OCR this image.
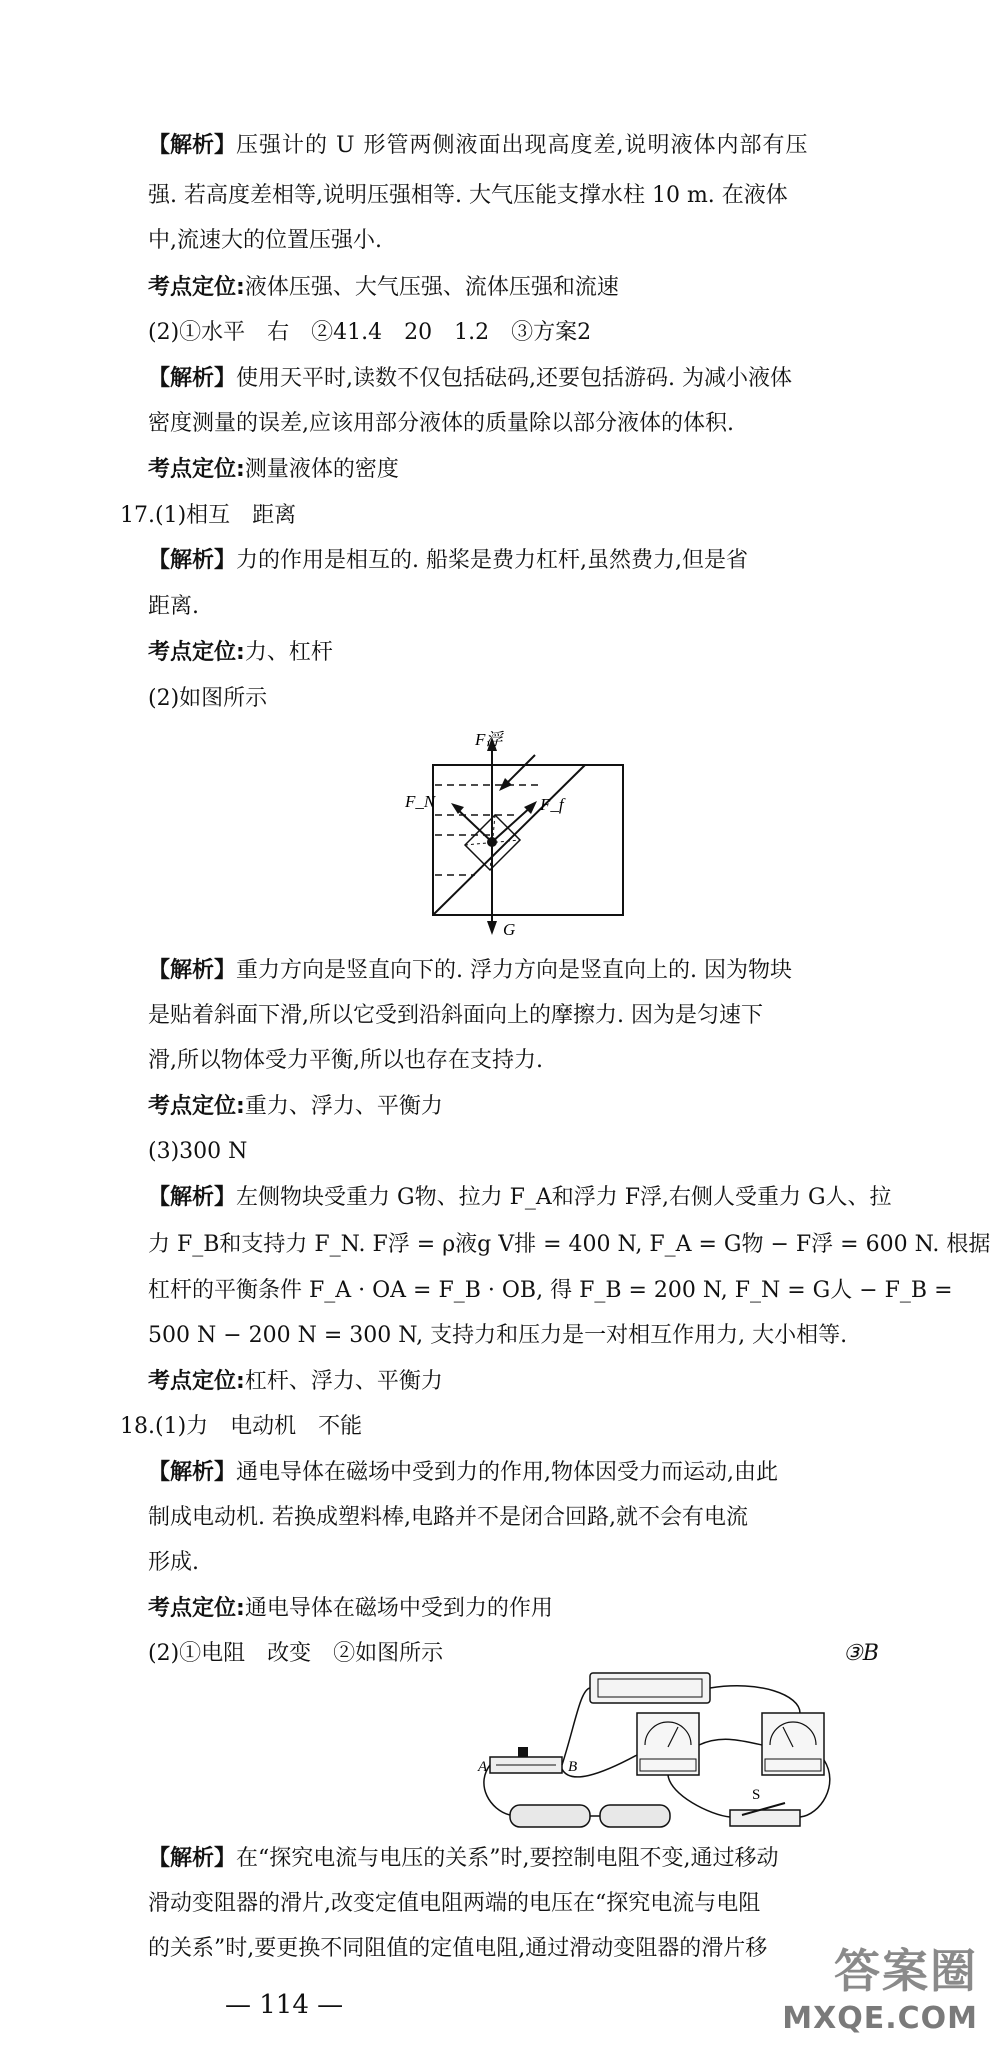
【解析】压强计的 U 形管两侧液面出现高度差,说明液体内部有压
强. 若高度差相等,说明压强相等. 大气压能支撑水柱 10 m. 在液体
中,流速大的位置压强小.
考点定位:液体压强、大气压强、流体压强和流速
(2)①水平　右　②41.4　20　1.2　③方案2
【解析】使用天平时,读数不仅包括砝码,还要包括游码. 为减小液体
密度测量的误差,应该用部分液体的质量除以部分液体的体积.
考点定位:测量液体的密度
17.(1)相互　距离
【解析】力的作用是相互的. 船桨是费力杠杆,虽然费力,但是省
距离.
考点定位:力、杠杆
(2)如图所示
F浮
F_N	F_f
G
【解析】重力方向是竖直向下的. 浮力方向是竖直向上的. 因为物块
是贴着斜面下滑,所以它受到沿斜面向上的摩擦力. 因为是匀速下
滑,所以物体受力平衡,所以也存在支持力.
考点定位:重力、浮力、平衡力
(3)300 N
【解析】左侧物块受重力 G物、拉力 F_A和浮力 F浮,右侧人受重力 G人、拉
力 F_B和支持力 F_N. F浮 = ρ液g V排 = 400 N, F_A = G物 − F浮 = 600 N. 根据
杠杆的平衡条件 F_A · OA = F_B · OB, 得 F_B = 200 N, F_N = G人 − F_B =
500 N − 200 N = 300 N, 支持力和压力是一对相互作用力, 大小相等.
考点定位:杠杆、浮力、平衡力
18.(1)力　电动机　不能
【解析】通电导体在磁场中受到力的作用,物体因受力而运动,由此
制成电动机. 若换成塑料棒,电路并不是闭合回路,就不会有电流
形成.
考点定位:通电导体在磁场中受到力的作用
(2)①电阻　改变　②如图所示	③B
A	B
S
【解析】在“探究电流与电压的关系”时,要控制电阻不变,通过移动
滑动变阻器的滑片,改变定值电阻两端的电压在“探究电流与电阻
的关系”时,要更换不同阻值的定值电阻,通过滑动变阻器的滑片移
— 114 —
答案圈
MXQE.COM
